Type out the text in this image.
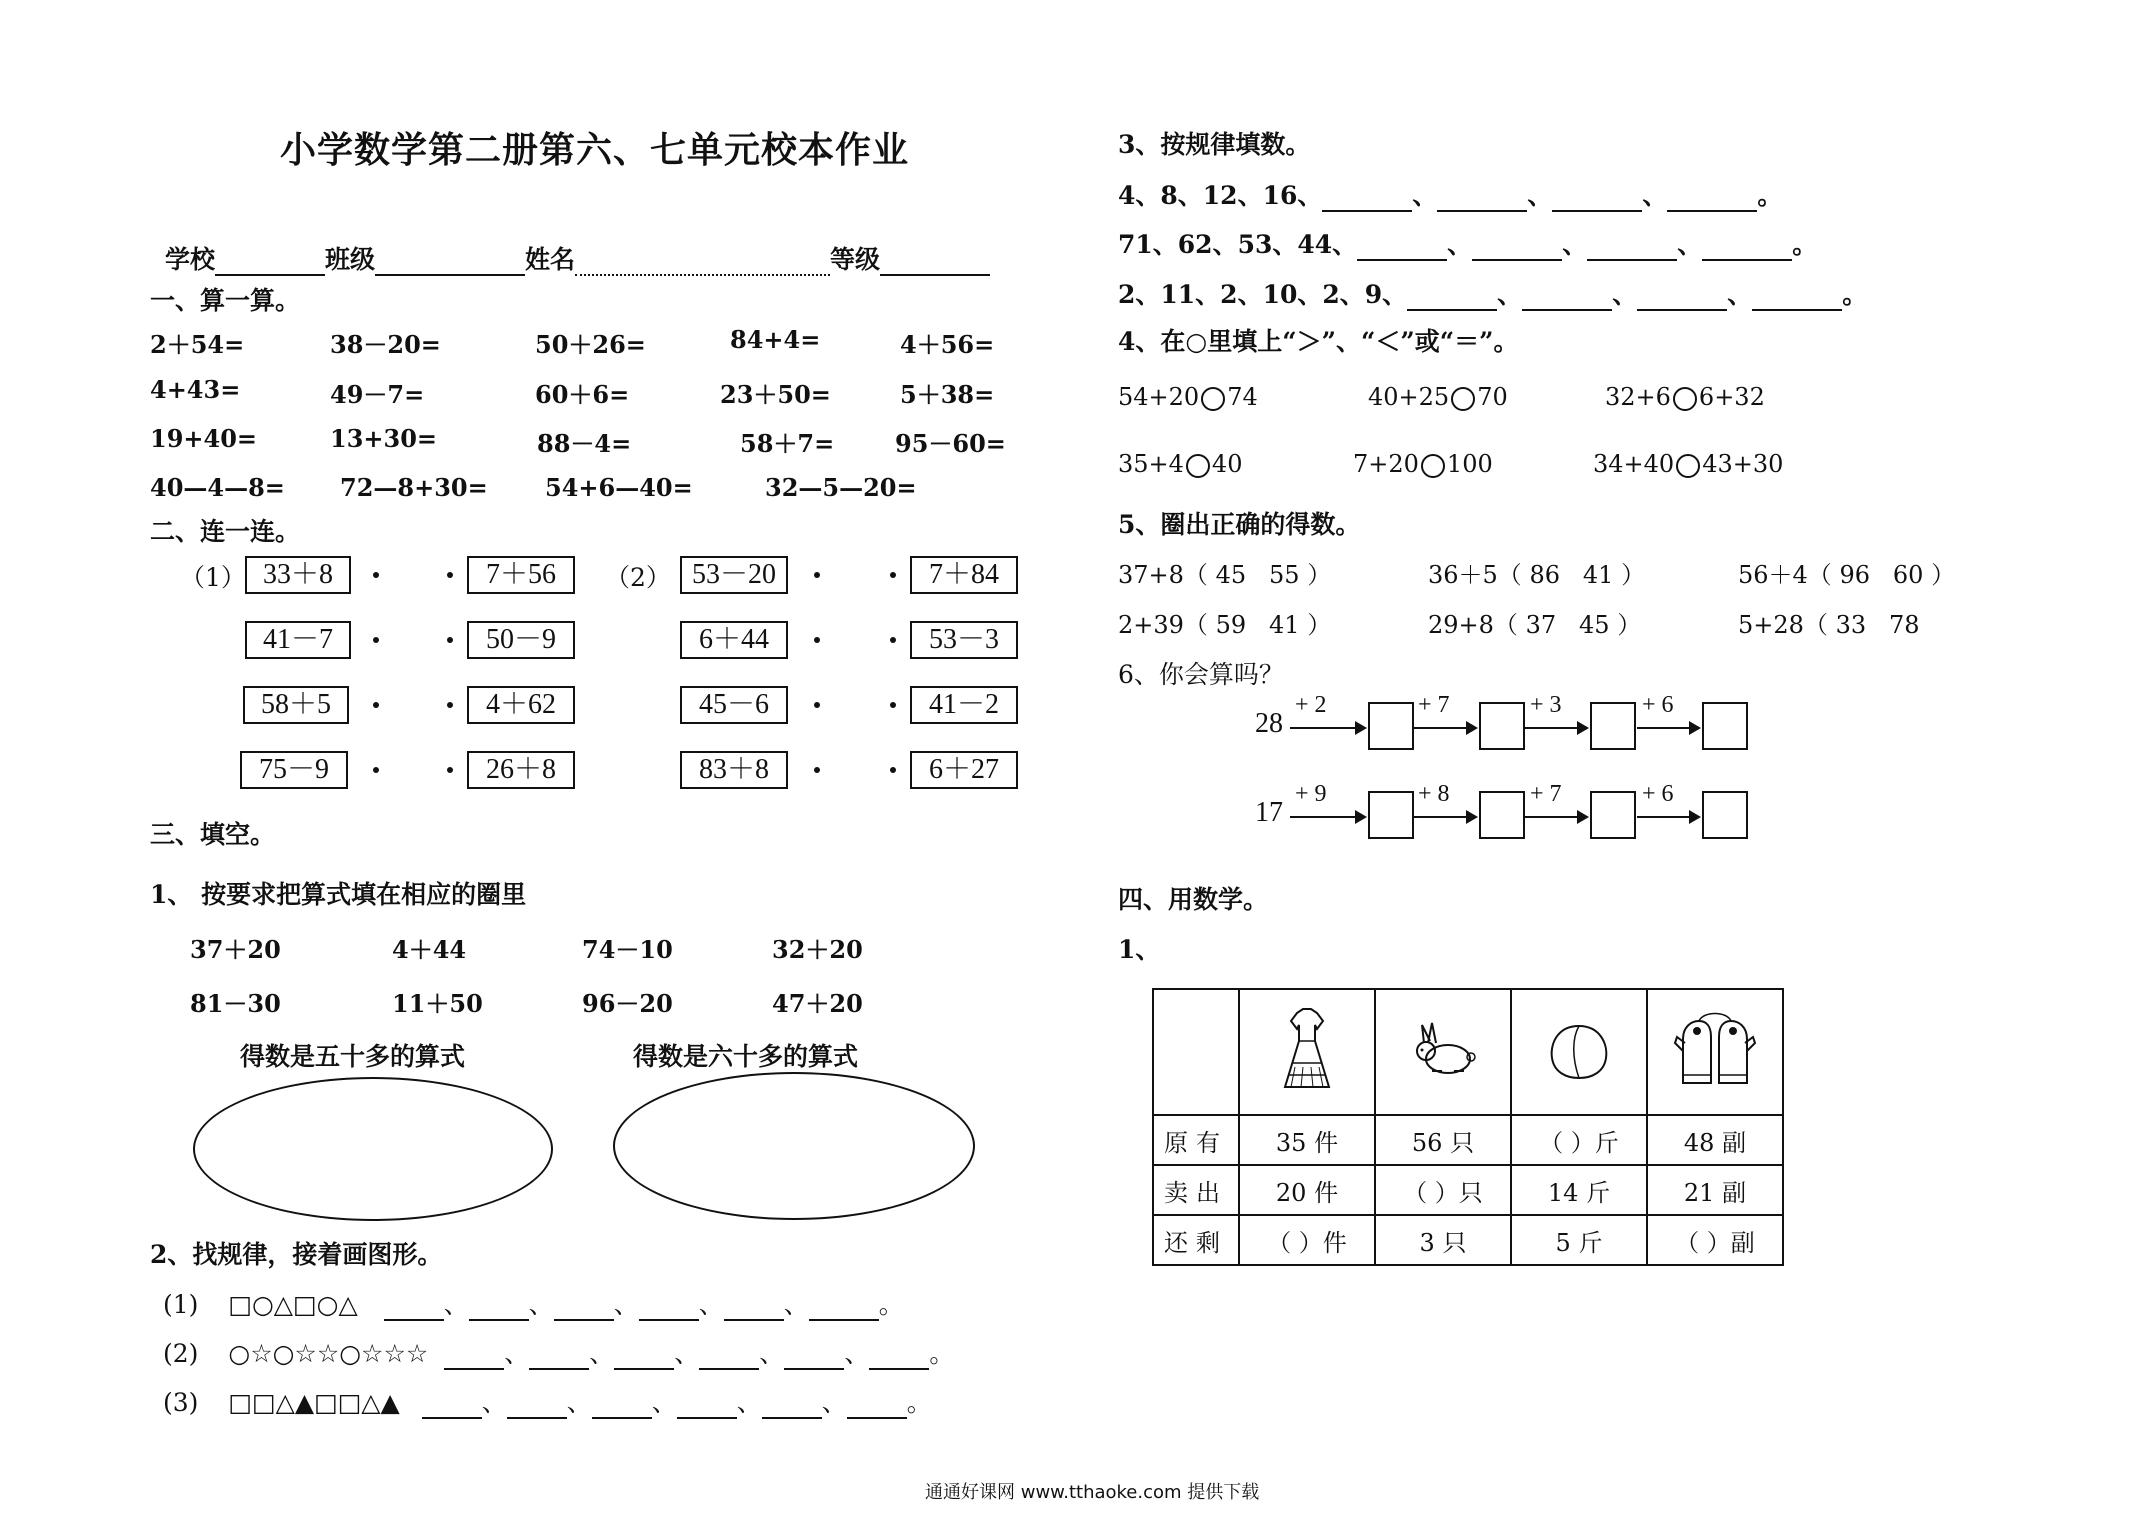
小学数学第二册第六、七单元校本作业
学校	班级	姓名	等级
一、算一算。
2＋54=	38－20=	50＋26=	84+4=	4＋56=
4+43=	49－7=	60＋6=	23＋50=	5＋38=
19+40=	13+30=	88－4=	58＋7=	95－60=
40—4—8= 72—8+30= 54+6—40=	32—5—20=
二、连一连。
（1）	（2）
33＋8
41－7
58＋5
75－9
7＋56
50－9
4＋62
26＋8
53－20
6＋44
45－6
83＋8
7＋84
53－3
41－2
6＋27
三、填空。
1、 按要求把算式填在相应的圈里
37＋20	4＋44	74－10	32＋20
81－30	11＋50	96－20	47＋20
得数是五十多的算式	得数是六十多的算式
2、找规律，接着画图形。
(1) □○△□○△	、 、 、 、 、	。
(2) ○☆○☆☆○☆☆☆	、 、 、 、 、 。
(3) □□△▲□□△▲	、 、 、 、 、 。
3、按规律填数。
4、8、12、16、	、	、	、	。
71、62、53、44、	、	、	、	。
2、11、2、10、2、9、	、	、	、	。
4、在○里填上“＞”、“＜”或“＝”。
54+20 74	40+25 70	32+6 6+32
35+4 40	7+20 100	34+40 43+30
5、圈出正确的得数。
37+8（ 45 55 ）	36＋5（ 86 41 ）	56＋4（ 96 60 ）
2+39（ 59 41 ）	29+8（ 37 45 ）	5+28（ 33 78
6、你会算吗？
28
+ 2	+ 7	+ 3	+ 6
17
+ 9	+ 8	+ 7	+ 6
四、用数学。
1、

原有	35 件	56 只	（ ）斤	48 副
卖出	20 件	（ ）只	14 斤	21 副
还剩	（ ）件	3 只	5 斤	（ ）副
通通好课网 www.tthaoke.com 提供下载
